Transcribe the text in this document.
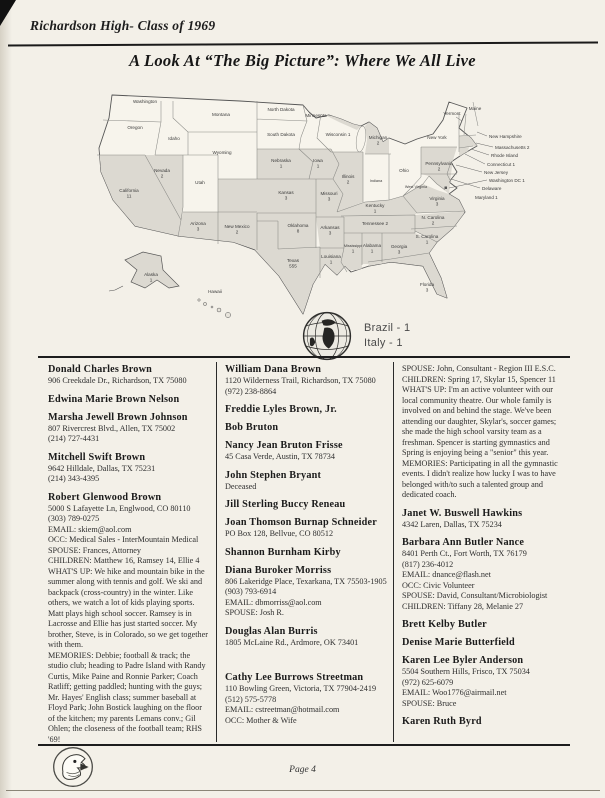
Richardson High- Class of 1969
A Look At “The Big Picture”: Where We All Live
Washington
Oregon
Idaho
Montana
Wyoming
Nevada
2
Utah
California
11
Arizona
3
New Mexico
2
North Dakota
South Dakota
Nebraska
1
Kansas
3
Oklahoma
8
Texas
555
Minnesota
Iowa
1
Missouri
3
Arkansas
3
Louisiana
1
Wisconsin 1
Illinois
2
Michigan
2
Indiana
Ohio
Kentucky
1
Tennessee 2
Mississippi
1
Alabama
1
Georgia
3
Florida
3
S. Carolina
1
N. Carolina
2
Virginia
3
West Virginia
Pennsylvania
2
New York
Vermont
Maine
New Hampshire
Massachusetts 2
Rhode Island
Connecticut 1
New Jersey
Washington DC 1
Delaware
Maryland 1
Alaska
1
Hawaii
Brazil - 1
Italy - 1
Donald Charles Brown
906 Creekdale Dr., Richardson, TX 75080
Edwina Marie Brown Nelson
Marsha Jewell Brown Johnson
807 Rivercrest Blvd., Allen, TX 75002
(214) 727-4431
Mitchell Swift Brown
9642 Hilldale, Dallas, TX 75231
(214) 343-4395
Robert Glenwood Brown
5000 S Lafayette Ln, Englwood, CO 80110
(303) 789-0275
EMAIL: skiem@aol.com
OCC: Medical Sales - InterMountain Medical
SPOUSE: Frances, Attorney
CHILDREN: Matthew 16, Ramsey 14, Ellie 4
WHAT'S UP: We hike and mountain bike in the summer along with tennis and golf. We ski and backpack (cross-country) in the winter. Like others, we watch a lot of kids playing sports. Matt plays high school soccer. Ramsey is in Lacrosse and Ellie has just started soccer. My brother, Steve, is in Colorado, so we get together with them.
MEMORIES: Debbie; football & track; the studio club; heading to Padre Island with Randy Curtis, Mike Paine and Ronnie Parker; Coach Ratliff; getting paddled; hunting with the guys; Mr. Hayes' English class; summer baseball at Floyd Park; John Bostick laughing on the floor of the kitchen; my parents Lemans conv.; Gil Ohlen; the closeness of the football team; RHS '69!
William Dana Brown
1120 Wilderness Trail, Richardson, TX 75080
(972) 238-8864
Freddie Lyles Brown, Jr.
Bob Bruton
Nancy Jean Bruton Frisse
45 Casa Verde, Austin, TX 78734
John Stephen Bryant
Deceased
Jill Sterling Buccy Reneau
Joan Thomson Burnap Schneider
PO Box 128, Bellvue, CO 80512
Shannon Burnham Kirby
Diana Buroker Morriss
806 Lakeridge Place, Texarkana, TX 75503-1905
(903) 793-6914
EMAIL: dbmorriss@aol.com
SPOUSE: Josh R.
Douglas Alan Burris
1805 McLaine Rd., Ardmore, OK 73401
Cathy Lee Burrows Streetman
110 Bowling Green, Victoria, TX 77904-2419
(512) 575-5778
EMAIL: cstreetman@hotmail.com
OCC: Mother & Wife
SPOUSE: John, Consultant - Region III E.S.C.
CHILDREN: Spring 17, Skylar 15, Spencer 11
WHAT'S UP: I'm an active volunteer with our local community theatre. Our whole family is involved on and behind the stage. We've been attending our daughter, Skylar's, soccer games; she made the high school varsity team as a freshman. Spencer is starting gymnastics and Spring is enjoying being a "senior" this year.
MEMORIES: Participating in all the gymnastic events. I didn't realize how lucky I was to have belonged with/to such a talented group and dedicated coach.
Janet W. Buswell Hawkins
4342 Laren, Dallas, TX 75234
Barbara Ann Butler Nance
8401 Perth Ct., Fort Worth, TX 76179
(817) 236-4012
EMAIL: dnance@flash.net
OCC: Civic Volunteer
SPOUSE: David, Consultant/Microbiologist
CHILDREN: Tiffany 28, Melanie 27
Brett Kelby Butler
Denise Marie Butterfield
Karen Lee Byler Anderson
5504 Southern Hills, Frisco, TX 75034
(972) 625-6079
EMAIL: Woo1776@airmail.net
SPOUSE: Bruce
Karen Ruth Byrd
Page 4
